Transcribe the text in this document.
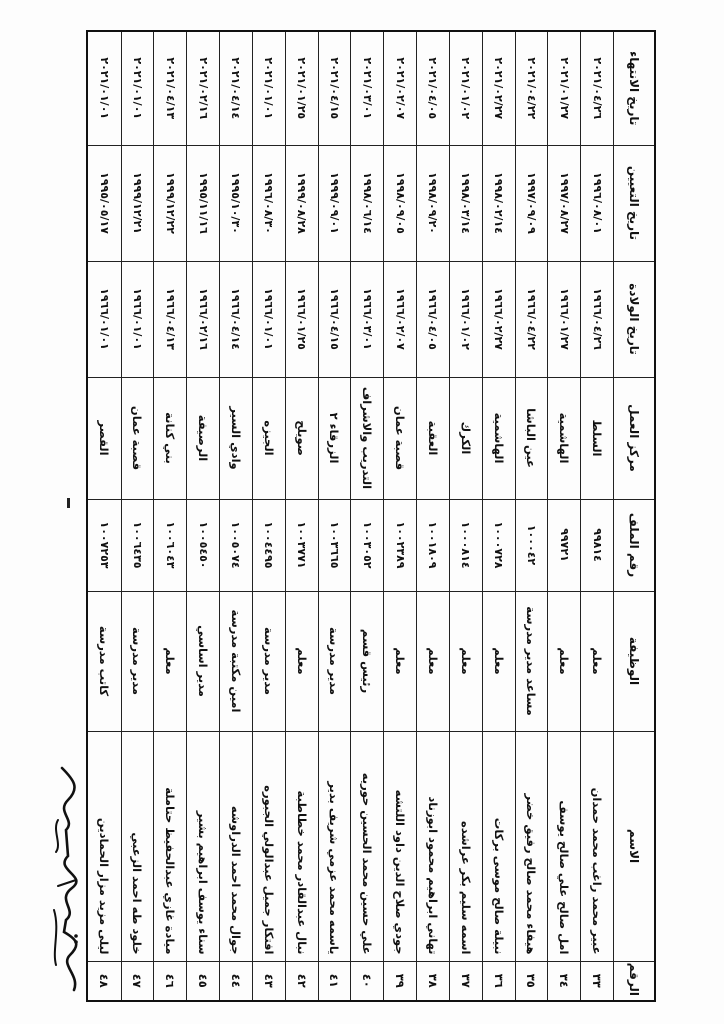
الرقم	الاسم	الوظيفة	رقم الملف	مركز العمل	تاريخ الولادة	تاريخ التعيين	تاريخ الانتهاء
٣٣	عبير محمد راغب محمد حمدان	معلم	٩٩٨١٤	السلط	١٩٦٦/٠٤/٢٦	١٩٩٦/٠٨/٠١	٢٠٢١/٠٤/٢٦
٣٤	امل صالح علي صالح يوسف	معلم	٩٩٧٢١	الهاشمية	١٩٦٦/٠١/٢٧	١٩٩٧/٠٨/٢٧	٢٠٢١/٠١/٢٧
٣٥	هيفاء محمد صالح رفيق خضر	مساعد مدير مدرسة	١٠٠٠٤٢	عين الباشا	١٩٦٦/٠٤/٢٢	١٩٩٧/٠٩/٠٩	٢٠٢١/٠٤/٢٢
٣٦	نبيلة صالح موسى بركات	معلم	١٠٠٠٧٢٨	الهاشمية	١٩٦٦/٠٢/٢٧	١٩٩٨/٠٢/١٤	٢٠٢١/٠٢/٢٧
٣٧	اسمه سليم بكر عراشده	معلم	١٠٠٠٨١٤	الكرك	١٩٦٦/٠١/٠٢	١٩٩٨/٠٣/١٤	٢٠٢١/٠١/٠٢
٣٨	تهاني ابراهيم محمود ابوزناد	معلم	١٠٠١٨٠٩	العقبة	١٩٦٦/٠٤/٠٥	١٩٩٨/٠٩/٢٠	٢٠٢١/٠٤/٠٥
٣٩	جودي صلاح الدين داود اللتشه	معلم	١٠٠٢٣٨٩	قصبة عمان	١٩٦٦/٠٢/٠٧	١٩٩٨/٠٩/٠٥	٢٠٢١/٠٢/٠٧
٤٠	علي حسين محمد الحسين حوريه	رئيس قسم	١٠٠٣٠٥٢	التدريب والاشراف	١٩٦٦/٠٣/٠١	١٩٩٨/٠٦/١٤	٢٠٢١/٠٣/٠١
٤١	ياسمه محمد عزمي شريف بدير	مدير مدرسة	١٠٠٣٦٦٥	الزرقاء ٢	١٩٦٦/٠٤/١٥	١٩٩٩/٠٩/٠١	٢٠٢١/٠٤/١٥
٤٢	نبال عبدالقادر محمد خطاطبة	معلم	١٠٠٣٧٧١	صويلح	١٩٦٦/٠١/٢٥	١٩٩٩/٠٨/٢٨	٢٠٢١/٠١/٢٥
٤٣	افتكار جميل عبدالولي الجبوره	مدير مدرسة	١٠٠٤٤٩٥	الجيزه	١٩٦٦/٠١/٠١	١٩٩٦/٠٨/٣٠	٢٠٢١/٠١/٠١
٤٤	جوال محمد احمد الدراوشه	امين مكتبة مدرسة	١٠٠٥٠٧٤	وادي السير	١٩٦٦/٠٤/١٤	١٩٩٥/١٠/٣٠	٢٠٢١/٠٤/١٤
٤٥	سناء يوسف ابراهيم بشير	مدير اساسي	١٠٠٥٤٥٠	الرصيفة	١٩٦٦/٠٢/١٦	١٩٩٥/١١/١٦	٢٠٢١/٠٢/١٦
٤٦	ميادة غازي عبدالحفيظ حتاملة	معلم	١٠٠٦٠٤٣	بني كنانة	١٩٦٦/٠٤/١٣	١٩٩٩/١٢/٢٢	٢٠٢١/٠٤/١٣
٤٧	خلود طه احمد الزعبي	مدير مدرسة	١٠٠٦٤٣٥	قصبة عمان	١٩٦٦/٠١/٠١	١٩٩٩/١٢/٢١	٢٠٢١/٠١/٠١
٤٨	ليلى مزيد مزار الحمادين	كاتب مدرسة	١٠٠٧٢٥٣	القصر	١٩٦٦/٠١/٠١	١٩٩٥/٠٥/١٧	٢٠٢١/٠١/٠١
